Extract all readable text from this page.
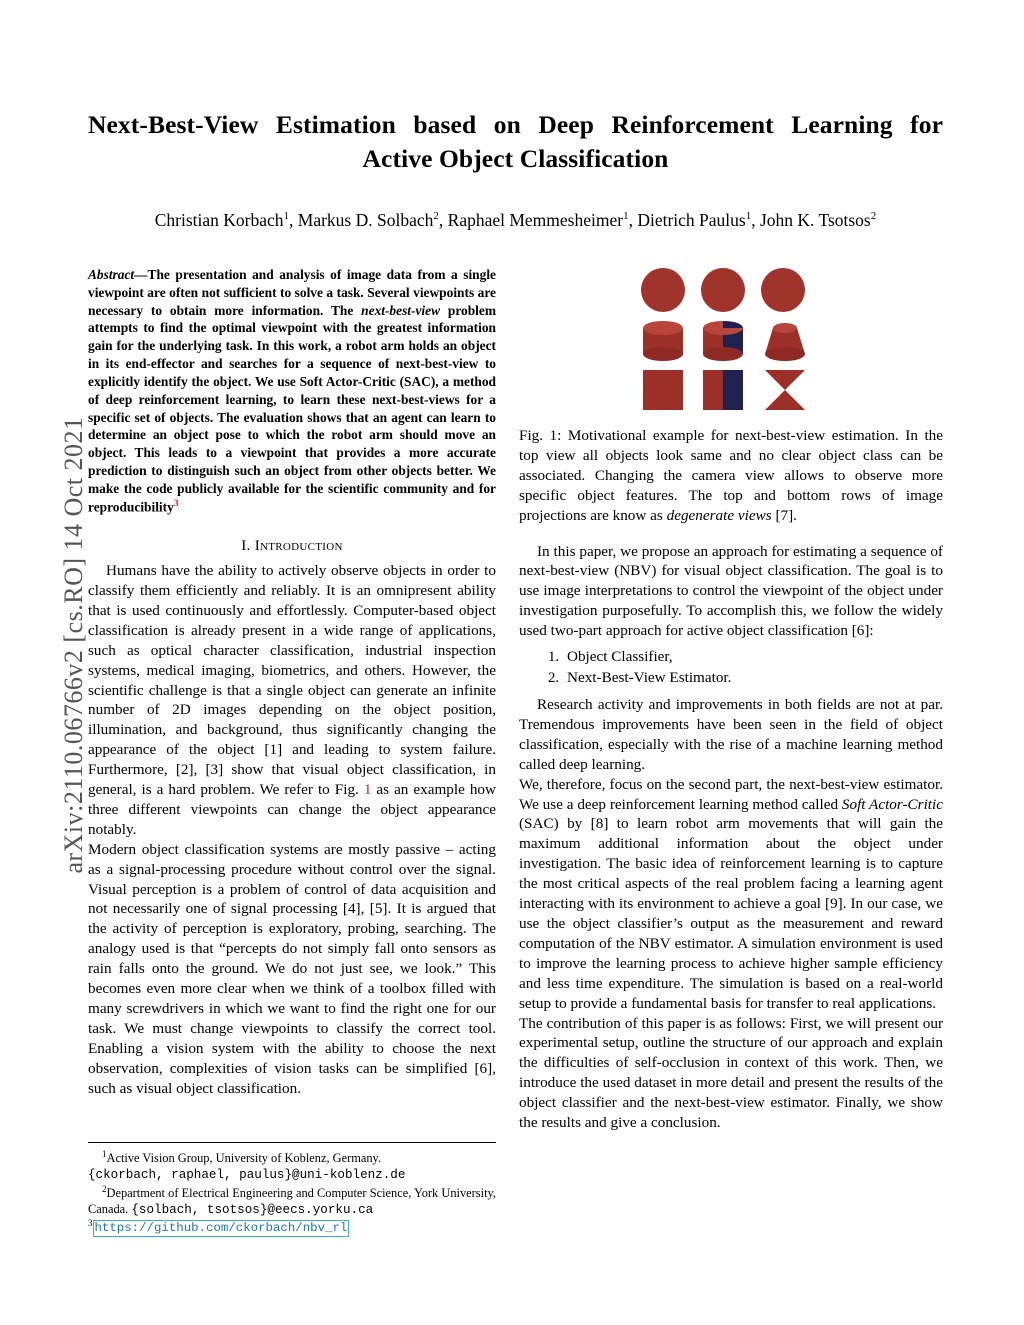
arXiv:2110.06766v2 [cs.RO] 14 Oct 2021
Next-Best-View Estimation based on Deep Reinforcement Learning for
Active Object Classification
Christian Korbach$^1$, Markus D. Solbach$^2$, Raphael Memmesheimer$^1$, Dietrich Paulus$^1$, John K. Tsotsos$^2$
Abstract—The presentation and analysis of image data from a single viewpoint are often not sufficient to solve a task. Several viewpoints are necessary to obtain more information. The next-best-view problem attempts to find the optimal viewpoint with the greatest information gain for the underlying task. In this work, a robot arm holds an object in its end-effector and searches for a sequence of next-best-view to explicitly identify the object. We use Soft Actor-Critic (SAC), a method of deep reinforcement learning, to learn these next-best-views for a specific set of objects. The evaluation shows that an agent can learn to determine an object pose to which the robot arm should move an object. This leads to a viewpoint that provides a more accurate prediction to distinguish such an object from other objects better. We make the code publicly available for the scientific community and for reproducibility$^3$
I. Introduction

Humans have the ability to actively observe objects in order to classify them efficiently and reliably. It is an omnipresent ability that is used continuously and effortlessly. Computer-based object classification is already present in a wide range of applications, such as optical character classification, industrial inspection systems, medical imaging, biometrics, and others. However, the scientific challenge is that a single object can generate an infinite number of 2D images depending on the object position, illumination, and background, thus significantly changing the appearance of the object [1] and leading to system failure. Furthermore, [2], [3] show that visual object classification, in general, is a hard problem. We refer to Fig. 1 as an example how three different viewpoints can change the object appearance notably.

Modern object classification systems are mostly passive – acting as a signal-processing procedure without control over the signal. Visual perception is a problem of control of data acquisition and not necessarily one of signal processing [4], [5]. It is argued that the activity of perception is exploratory, probing, searching. The analogy used is that “percepts do not simply fall onto sensors as rain falls onto the ground. We do not just see, we look.” This becomes even more clear when we think of a toolbox filled with many screwdrivers in which we want to find the right one for our task. We must change viewpoints to classify the correct tool. Enabling a vision system with the ability to choose the next observation, complexities of vision tasks can be simplified [6], such as visual object classification.

Fig. 1: Motivational example for next-best-view estimation. In the top view all objects look same and no clear object class can be associated. Changing the camera view allows to observe more specific object features. The top and bottom rows of image projections are know as degenerate views [7].

In this paper, we propose an approach for estimating a sequence of next-best-view (NBV) for visual object classification. The goal is to use image interpretations to control the viewpoint of the object under investigation purposefully. To accomplish this, we follow the widely used two-part approach for active object classification [6]:

1. Object Classifier,
2. Next-Best-View Estimator.

Research activity and improvements in both fields are not at par. Tremendous improvements have been seen in the field of object classification, especially with the rise of a machine learning method called deep learning.

We, therefore, focus on the second part, the next-best-view estimator. We use a deep reinforcement learning method called Soft Actor-Critic (SAC) by [8] to learn robot arm movements that will gain the maximum additional information about the object under investigation. The basic idea of reinforcement learning is to capture the most critical aspects of the real problem facing a learning agent interacting with its environment to achieve a goal [9]. In our case, we use the object classifier’s output as the measurement and reward computation of the NBV estimator. A simulation environment is used to improve the learning process to achieve higher sample efficiency and less time expenditure. The simulation is based on a real-world setup to provide a fundamental basis for transfer to real applications.

The contribution of this paper is as follows: First, we will present our experimental setup, outline the structure of our approach and explain the difficulties of self-occlusion in context of this work. Then, we introduce the used dataset in more detail and present the results of the object classifier and the next-best-view estimator. Finally, we show the results and give a conclusion.

$^1$Active Vision Group, University of Koblenz, Germany.
{ckorbach, raphael, paulus}@uni-koblenz.de

$^2$Department of Electrical Engineering and Computer Science, York University, Canada. {solbach, tsotsos}@eecs.yorku.ca

$^3$ https://github.com/ckorbach/nbv_rl
